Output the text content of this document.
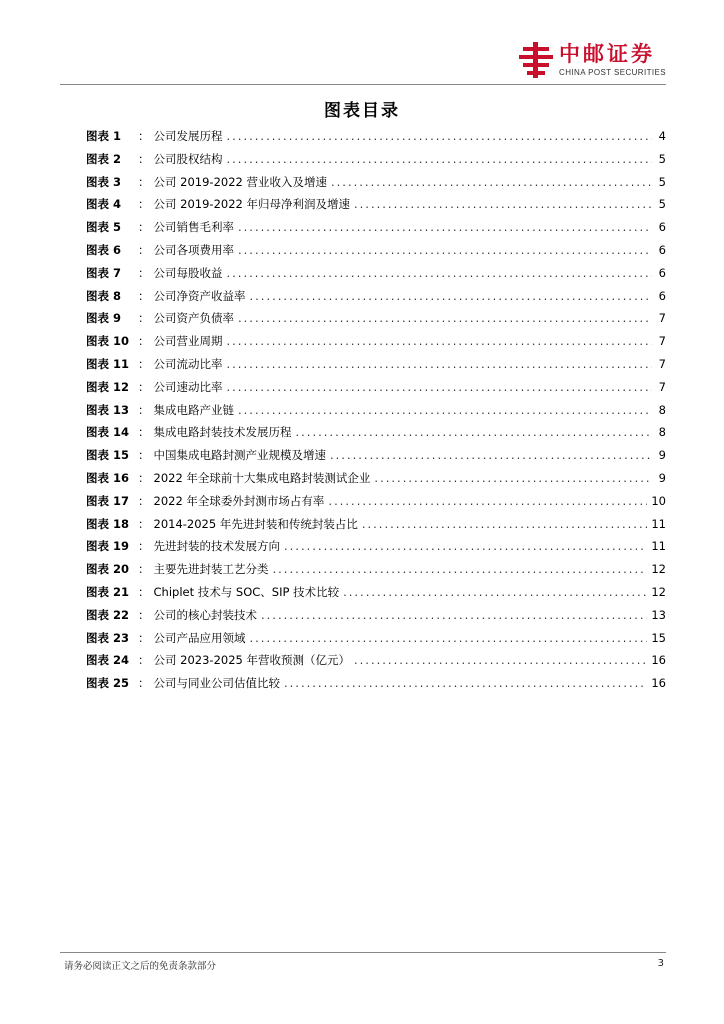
中邮证券
CHINA POST SECURITIES
图表目录
图表 1	： 公司发展历程 .....	4
图表 2	： 公司股权结构 .....	5
图表 3	： 公司 2019-2022 营业收入及增速 .....	5
图表 4	： 公司 2019-2022 年归母净利润及增速 .....	5
图表 5	： 公司销售毛利率 .....	6
图表 6	： 公司各项费用率 .....	6
图表 7	： 公司每股收益 .....	6
图表 8	： 公司净资产收益率 .....	6
图表 9	： 公司资产负债率 .....	7
图表 10 ： 公司营业周期 .....	7
图表 11 ： 公司流动比率 .....	7
图表 12 ： 公司速动比率 .....	7
图表 13 ： 集成电路产业链 .....	8
图表 14 ： 集成电路封装技术发展历程 .....	8
图表 15 ： 中国集成电路封测产业规模及增速 .....	9
图表 16 ： 2022 年全球前十大集成电路封装测试企业 .....	9
图表 17 ： 2022 年全球委外封测市场占有率 .....	10
图表 18 ： 2014-2025 年先进封装和传统封装占比 .....	11
图表 19 ： 先进封装的技术发展方向 .....	11
图表 20 ： 主要先进封装工艺分类 .....	12
图表 21 ： Chiplet 技术与 SOC、SIP 技术比较 .....	12
图表 22 ： 公司的核心封装技术 .....	13
图表 23 ： 公司产品应用领域 .....	15
图表 24 ： 公司 2023-2025 年营收预测（亿元） .....	16
图表 25 ： 公司与同业公司估值比较 .....	16
请务必阅读正文之后的免责条款部分	3
